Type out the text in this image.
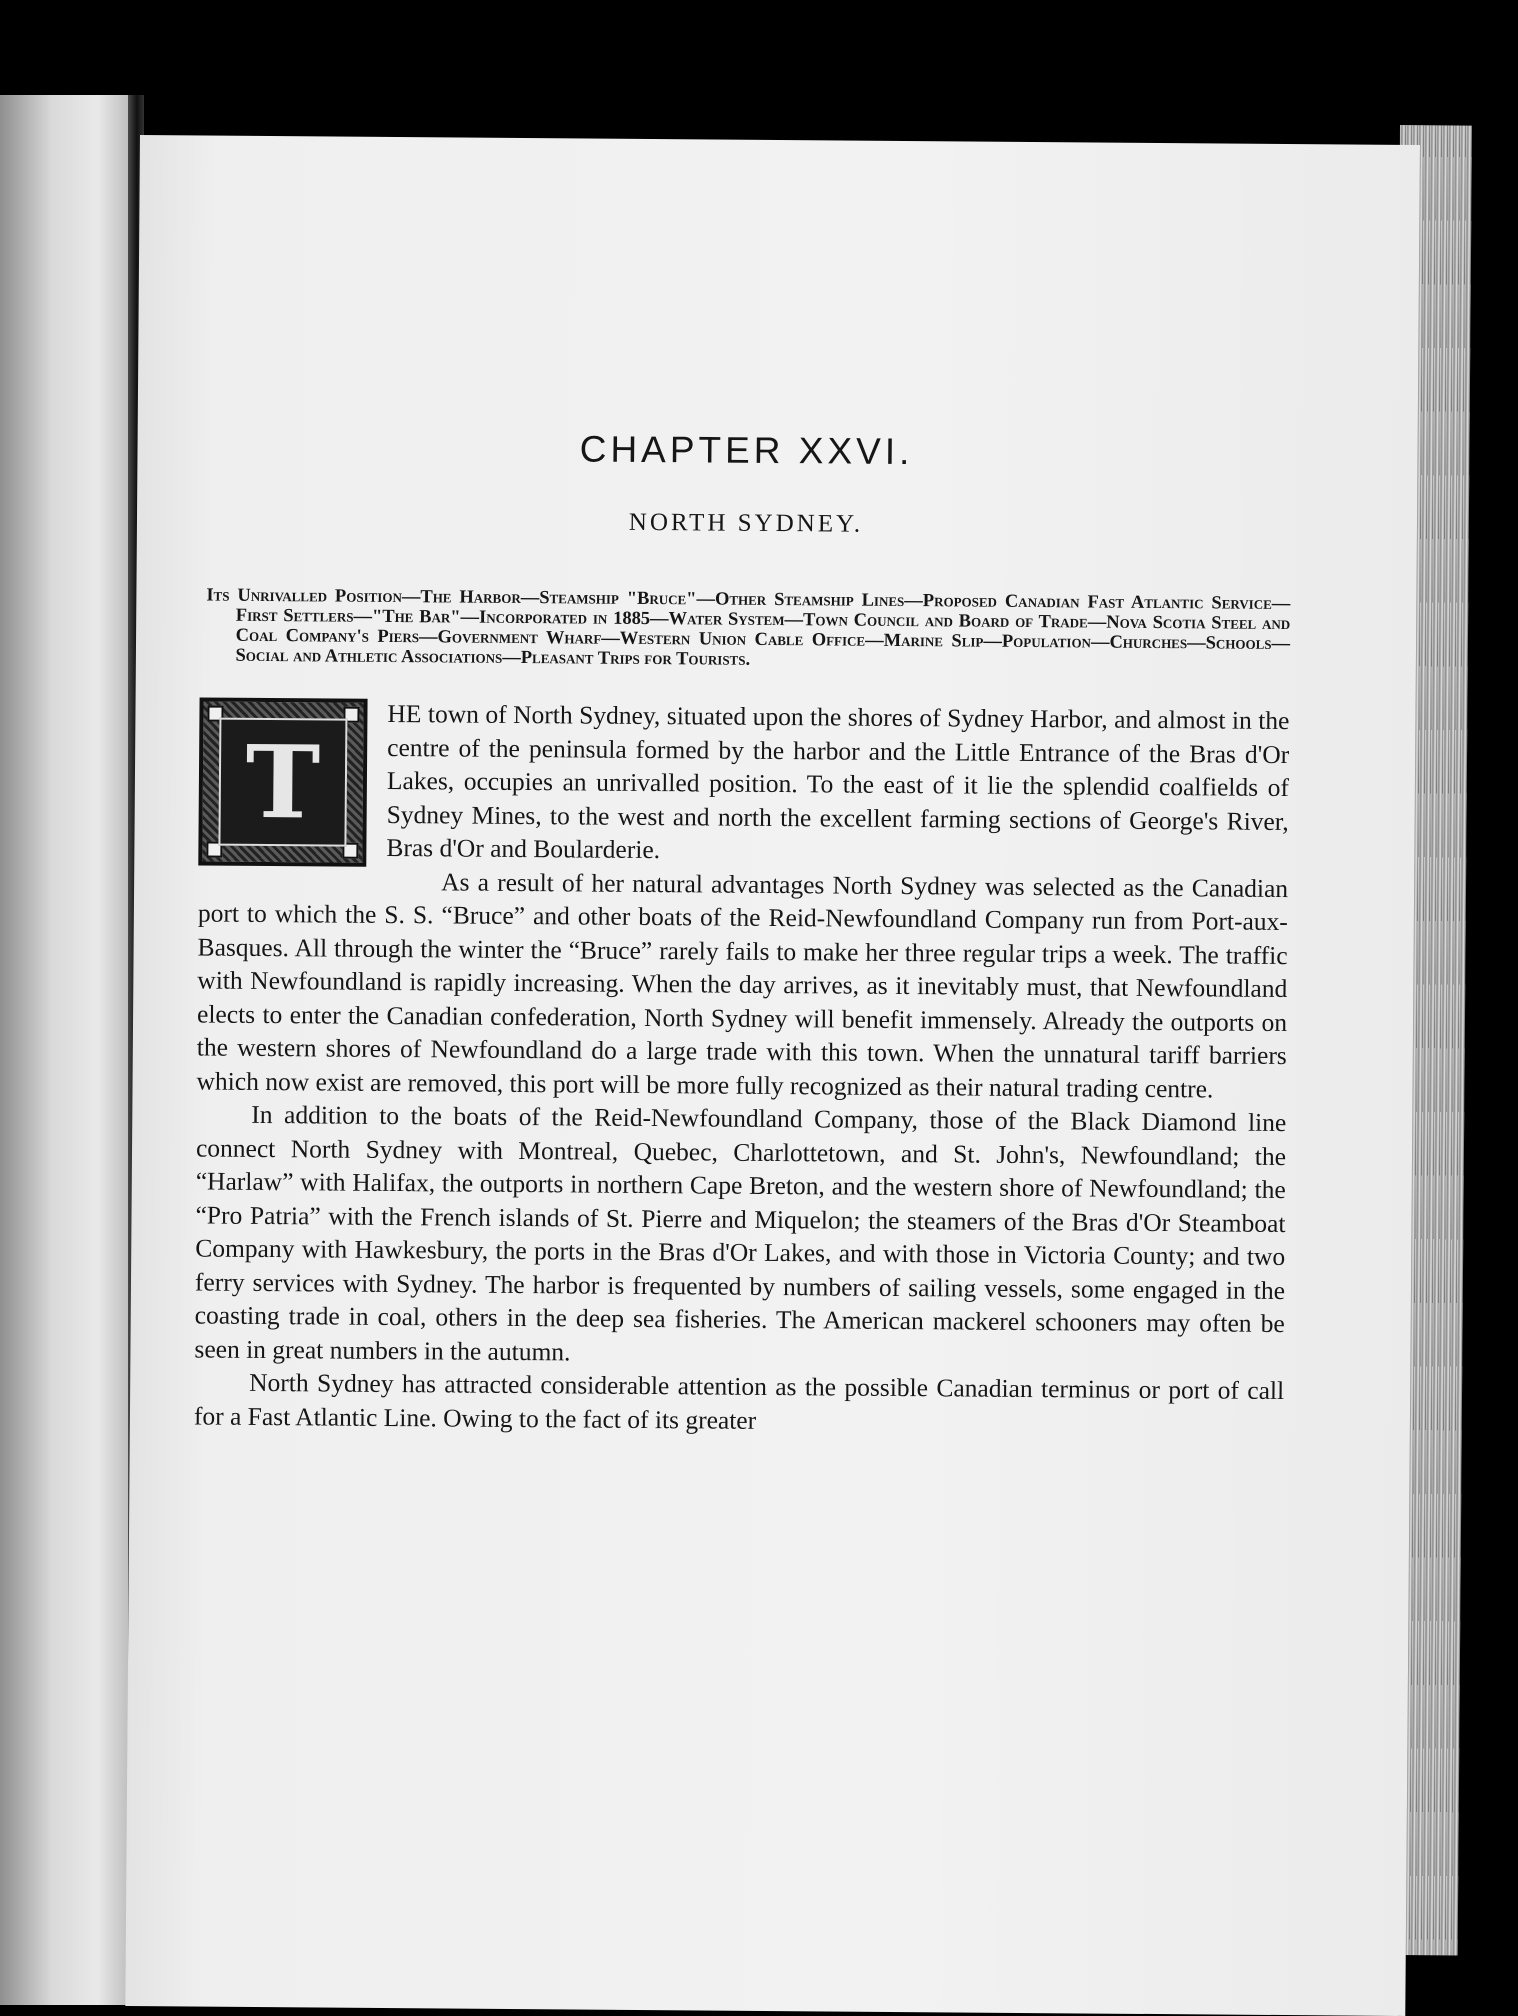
CHAPTER XXVI.
NORTH SYDNEY.

Its Unrivalled Position—The Harbor—Steamship "Bruce"—Other Steamship Lines—Proposed Canadian Fast Atlantic Service—First Settlers—"The Bar"—Incorporated in 1885—Water System—Town Council and Board of Trade—Nova Scotia Steel and Coal Company's Piers—Government Wharf—Western Union Cable Office—Marine Slip—Population—Churches—Schools—Social and Athletic Associations—Pleasant Trips for Tourists.

T

HE town of North Sydney, situated upon the shores of Sydney Harbor, and almost in the centre of the peninsula formed by the harbor and the Little Entrance of the Bras d'Or Lakes, occupies an unrivalled position. To the east of it lie the splendid coalfields of Sydney Mines, to the west and north the excellent farming sections of George's River, Bras d'Or and Boularderie.

As a result of her natural advantages North Sydney was selected as the Canadian port to which the S. S. “Bruce” and other boats of the Reid-Newfoundland Company run from Port-aux-Basques. All through the winter the “Bruce” rarely fails to make her three regular trips a week. The traffic with Newfoundland is rapidly increasing. When the day arrives, as it inevitably must, that Newfoundland elects to enter the Canadian confederation, North Sydney will benefit immensely. Already the outports on the western shores of Newfoundland do a large trade with this town. When the unnatural tariff barriers which now exist are removed, this port will be more fully recognized as their natural trading centre.

In addition to the boats of the Reid-Newfoundland Company, those of the Black Diamond line connect North Sydney with Montreal, Quebec, Charlottetown, and St. John's, Newfoundland; the “Harlaw” with Halifax, the outports in northern Cape Breton, and the western shore of Newfoundland; the “Pro Patria” with the French islands of St. Pierre and Miquelon; the steamers of the Bras d'Or Steamboat Company with Hawkesbury, the ports in the Bras d'Or Lakes, and with those in Victoria County; and two ferry services with Sydney. The harbor is frequented by numbers of sailing vessels, some engaged in the coasting trade in coal, others in the deep sea fisheries. The American mackerel schooners may often be seen in great numbers in the autumn.

North Sydney has attracted considerable attention as the possible Canadian terminus or port of call for a Fast Atlantic Line. Owing to the fact of its greater
